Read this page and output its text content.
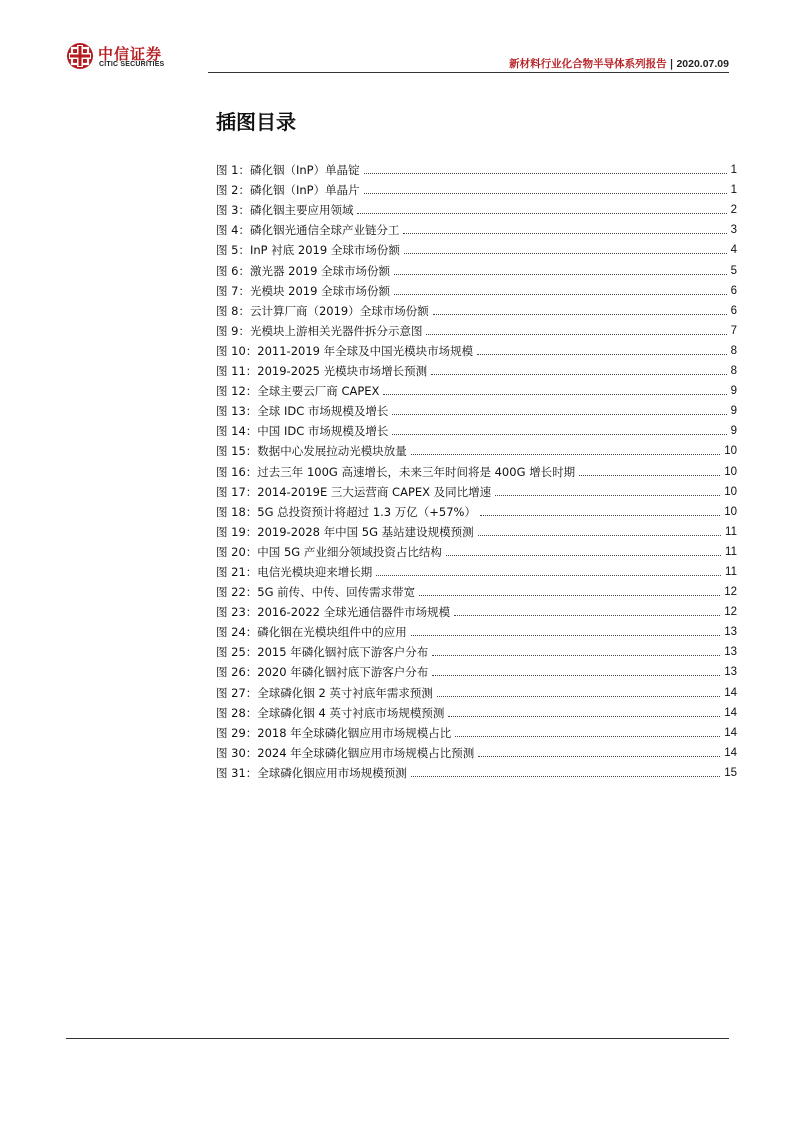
中信证券
CITIC SECURITIES	新材料行业化合物半导体系列报告 | 2020.07.09
插图目录
图 1：磷化铟（InP）单晶锭	1
图 2：磷化铟（InP）单晶片	1
图 3：磷化铟主要应用领域	2
图 4：磷化铟光通信全球产业链分工	3
图 5：InP 衬底 2019 全球市场份额	4
图 6：激光器 2019 全球市场份额	5
图 7：光模块 2019 全球市场份额	6
图 8：云计算厂商（2019）全球市场份额	6
图 9：光模块上游相关光器件拆分示意图	7
图 10：2011-2019 年全球及中国光模块市场规模	8
图 11：2019-2025 光模块市场增长预测	8
图 12：全球主要云厂商 CAPEX	9
图 13：全球 IDC 市场规模及增长	9
图 14：中国 IDC 市场规模及增长	9
图 15：数据中心发展拉动光模块放量	10
图 16：过去三年 100G 高速增长，未来三年时间将是 400G 增长时期	10
图 17：2014-2019E 三大运营商 CAPEX 及同比增速	10
图 18：5G 总投资预计将超过 1.3 万亿（+57%）	10
图 19：2019-2028 年中国 5G 基站建设规模预测	11
图 20：中国 5G 产业细分领域投资占比结构	11
图 21：电信光模块迎来增长期	11
图 22：5G 前传、中传、回传需求带宽	12
图 23：2016-2022 全球光通信器件市场规模	12
图 24：磷化铟在光模块组件中的应用	13
图 25：2015 年磷化铟衬底下游客户分布	13
图 26：2020 年磷化铟衬底下游客户分布	13
图 27：全球磷化铟 2 英寸衬底年需求预测	14
图 28：全球磷化铟 4 英寸衬底市场规模预测	14
图 29：2018 年全球磷化铟应用市场规模占比	14
图 30：2024 年全球磷化铟应用市场规模占比预测	14
图 31：全球磷化铟应用市场规模预测	15
